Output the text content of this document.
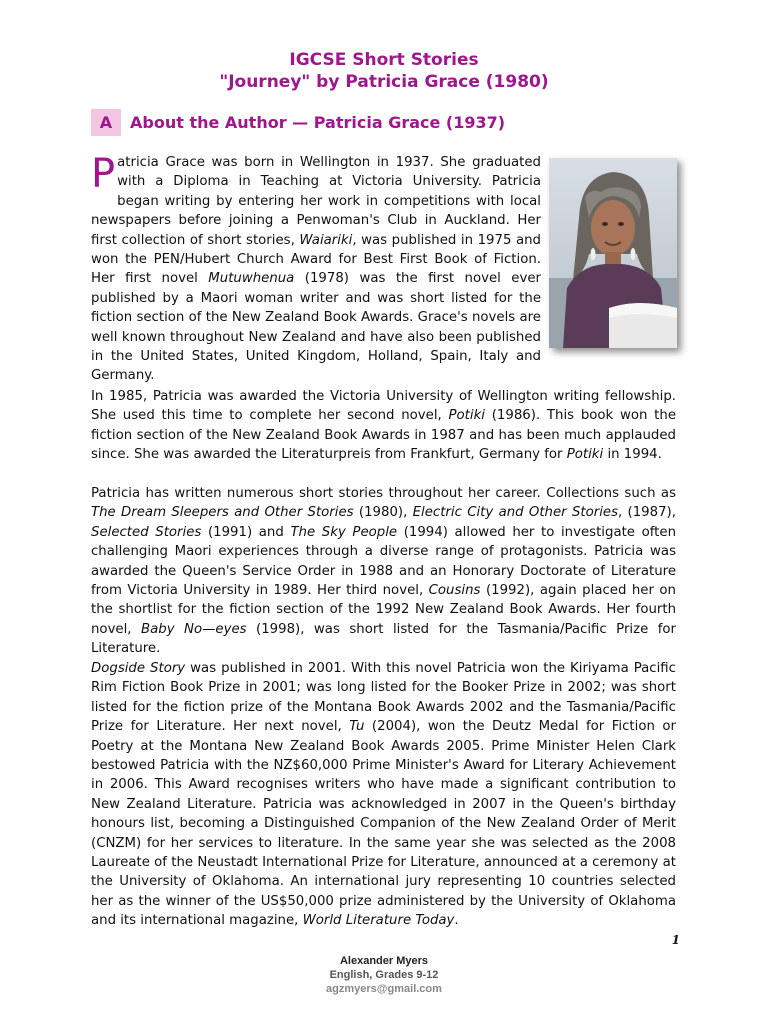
IGCSE Short Stories
"Journey" by Patricia Grace (1980)
A	About the Author — Patricia Grace (1937)

Patricia Grace was born in Wellington in 1937. She graduated with a Diploma in Teaching at Victoria University. Patricia began writing by entering her work in competitions with local newspapers before joining a Penwoman's Club in Auckland. Her first collection of short stories, Waiariki, was published in 1975 and won the PEN/Hubert Church Award for Best First Book of Fiction. Her first novel Mutuwhenua (1978) was the first novel ever published by a Maori woman writer and was short listed for the fiction section of the New Zealand Book Awards. Grace's novels are well known throughout New Zealand and have also been published in the United States, United Kingdom, Holland, Spain, Italy and Germany.

In 1985, Patricia was awarded the Victoria University of Wellington writing fellowship. She used this time to complete her second novel, Potiki (1986). This book won the fiction section of the New Zealand Book Awards in 1987 and has been much applauded since. She was awarded the Literaturpreis from Frankfurt, Germany for Potiki in 1994.

Patricia has written numerous short stories throughout her career. Collections such as The Dream Sleepers and Other Stories (1980), Electric City and Other Stories, (1987), Selected Stories (1991) and The Sky People (1994) allowed her to investigate often challenging Maori experiences through a diverse range of protagonists. Patricia was awarded the Queen's Service Order in 1988 and an Honorary Doctorate of Literature from Victoria University in 1989. Her third novel, Cousins (1992), again placed her on the shortlist for the fiction section of the 1992 New Zealand Book Awards. Her fourth novel, Baby No—eyes (1998), was short listed for the Tasmania/Pacific Prize for Literature.

Dogside Story was published in 2001. With this novel Patricia won the Kiriyama Pacific Rim Fiction Book Prize in 2001; was long listed for the Booker Prize in 2002; was short listed for the fiction prize of the Montana Book Awards 2002 and the Tasmania/Pacific Prize for Literature. Her next novel, Tu (2004), won the Deutz Medal for Fiction or Poetry at the Montana New Zealand Book Awards 2005. Prime Minister Helen Clark bestowed Patricia with the NZ$60,000 Prime Minister's Award for Literary Achievement in 2006. This Award recognises writers who have made a significant contribution to New Zealand Literature. Patricia was acknowledged in 2007 in the Queen's birthday honours list, becoming a Distinguished Companion of the New Zealand Order of Merit (CNZM) for her services to literature. In the same year she was selected as the 2008 Laureate of the Neustadt International Prize for Literature, announced at a ceremony at the University of Oklahoma. An international jury representing 10 countries selected her as the winner of the US$50,000 prize administered by the University of Oklahoma and its international magazine, World Literature Today.

1
Alexander Myers
English, Grades 9-12
agzmyers@gmail.com
